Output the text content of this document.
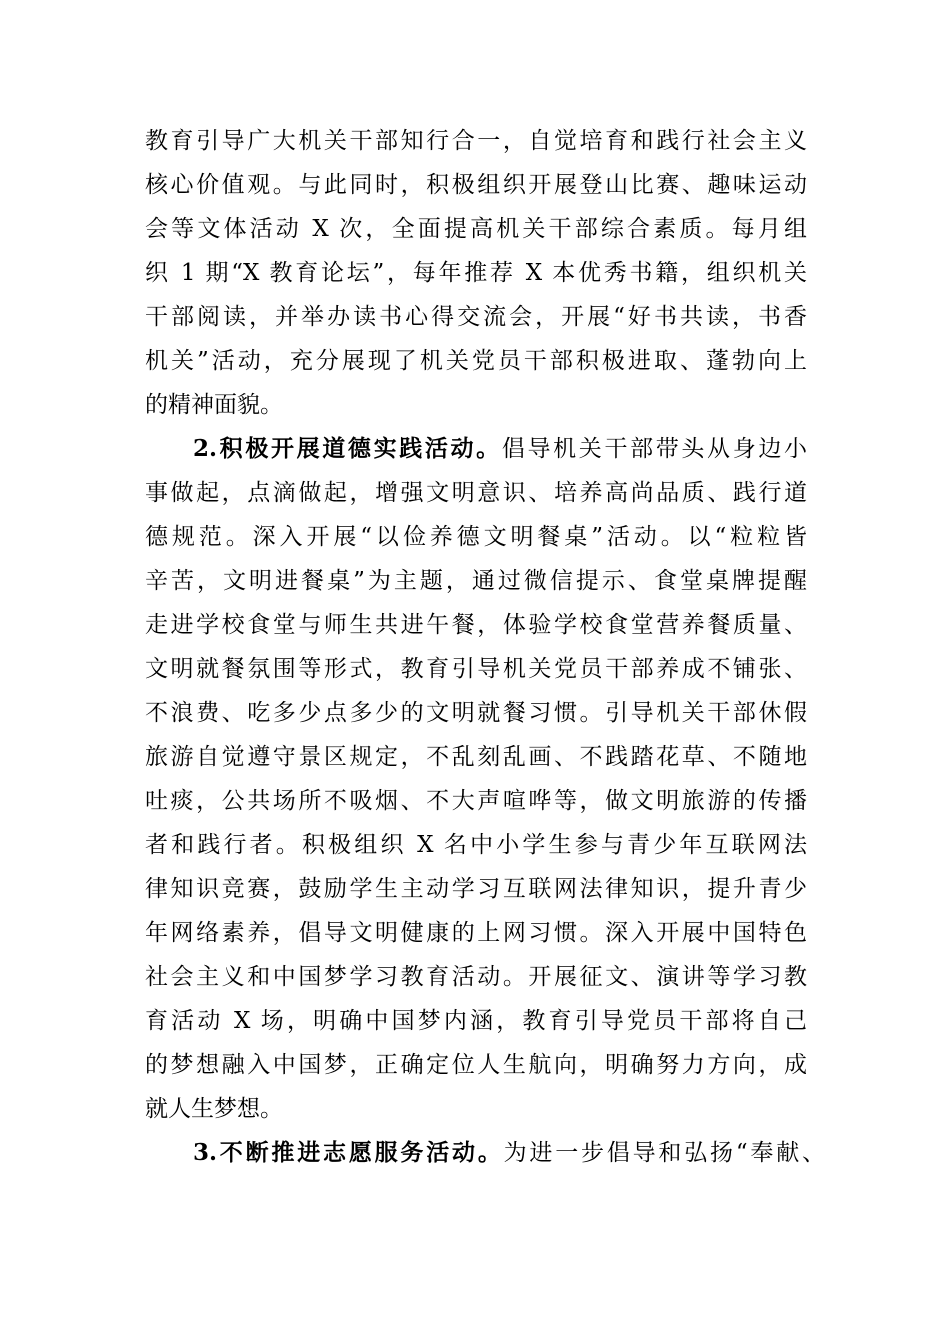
教育引导广大机关干部知行合一，自觉培育和践行社会主义
核心价值观。与此同时，积极组织开展登山比赛、趣味运动
会等文体活动 X 次，全面提高机关干部综合素质。每月组
织 1 期“X 教育论坛”，每年推荐 X 本优秀书籍，组织机关
干部阅读，并举办读书心得交流会，开展“好书共读，书香
机关”活动，充分展现了机关党员干部积极进取、蓬勃向上
的精神面貌。
2.积极开展道德实践活动。倡导机关干部带头从身边小
事做起，点滴做起，增强文明意识、培养高尚品质、践行道
德规范。深入开展“以俭养德文明餐桌”活动。以“粒粒皆
辛苦，文明进餐桌”为主题，通过微信提示、食堂桌牌提醒
走进学校食堂与师生共进午餐，体验学校食堂营养餐质量、
文明就餐氛围等形式，教育引导机关党员干部养成不铺张、
不浪费、吃多少点多少的文明就餐习惯。引导机关干部休假
旅游自觉遵守景区规定，不乱刻乱画、不践踏花草、不随地
吐痰，公共场所不吸烟、不大声喧哗等，做文明旅游的传播
者和践行者。积极组织 X 名中小学生参与青少年互联网法
律知识竞赛，鼓励学生主动学习互联网法律知识，提升青少
年网络素养，倡导文明健康的上网习惯。深入开展中国特色
社会主义和中国梦学习教育活动。开展征文、演讲等学习教
育活动 X 场，明确中国梦内涵，教育引导党员干部将自己
的梦想融入中国梦，正确定位人生航向，明确努力方向，成
就人生梦想。
3.不断推进志愿服务活动。为进一步倡导和弘扬“奉献、
